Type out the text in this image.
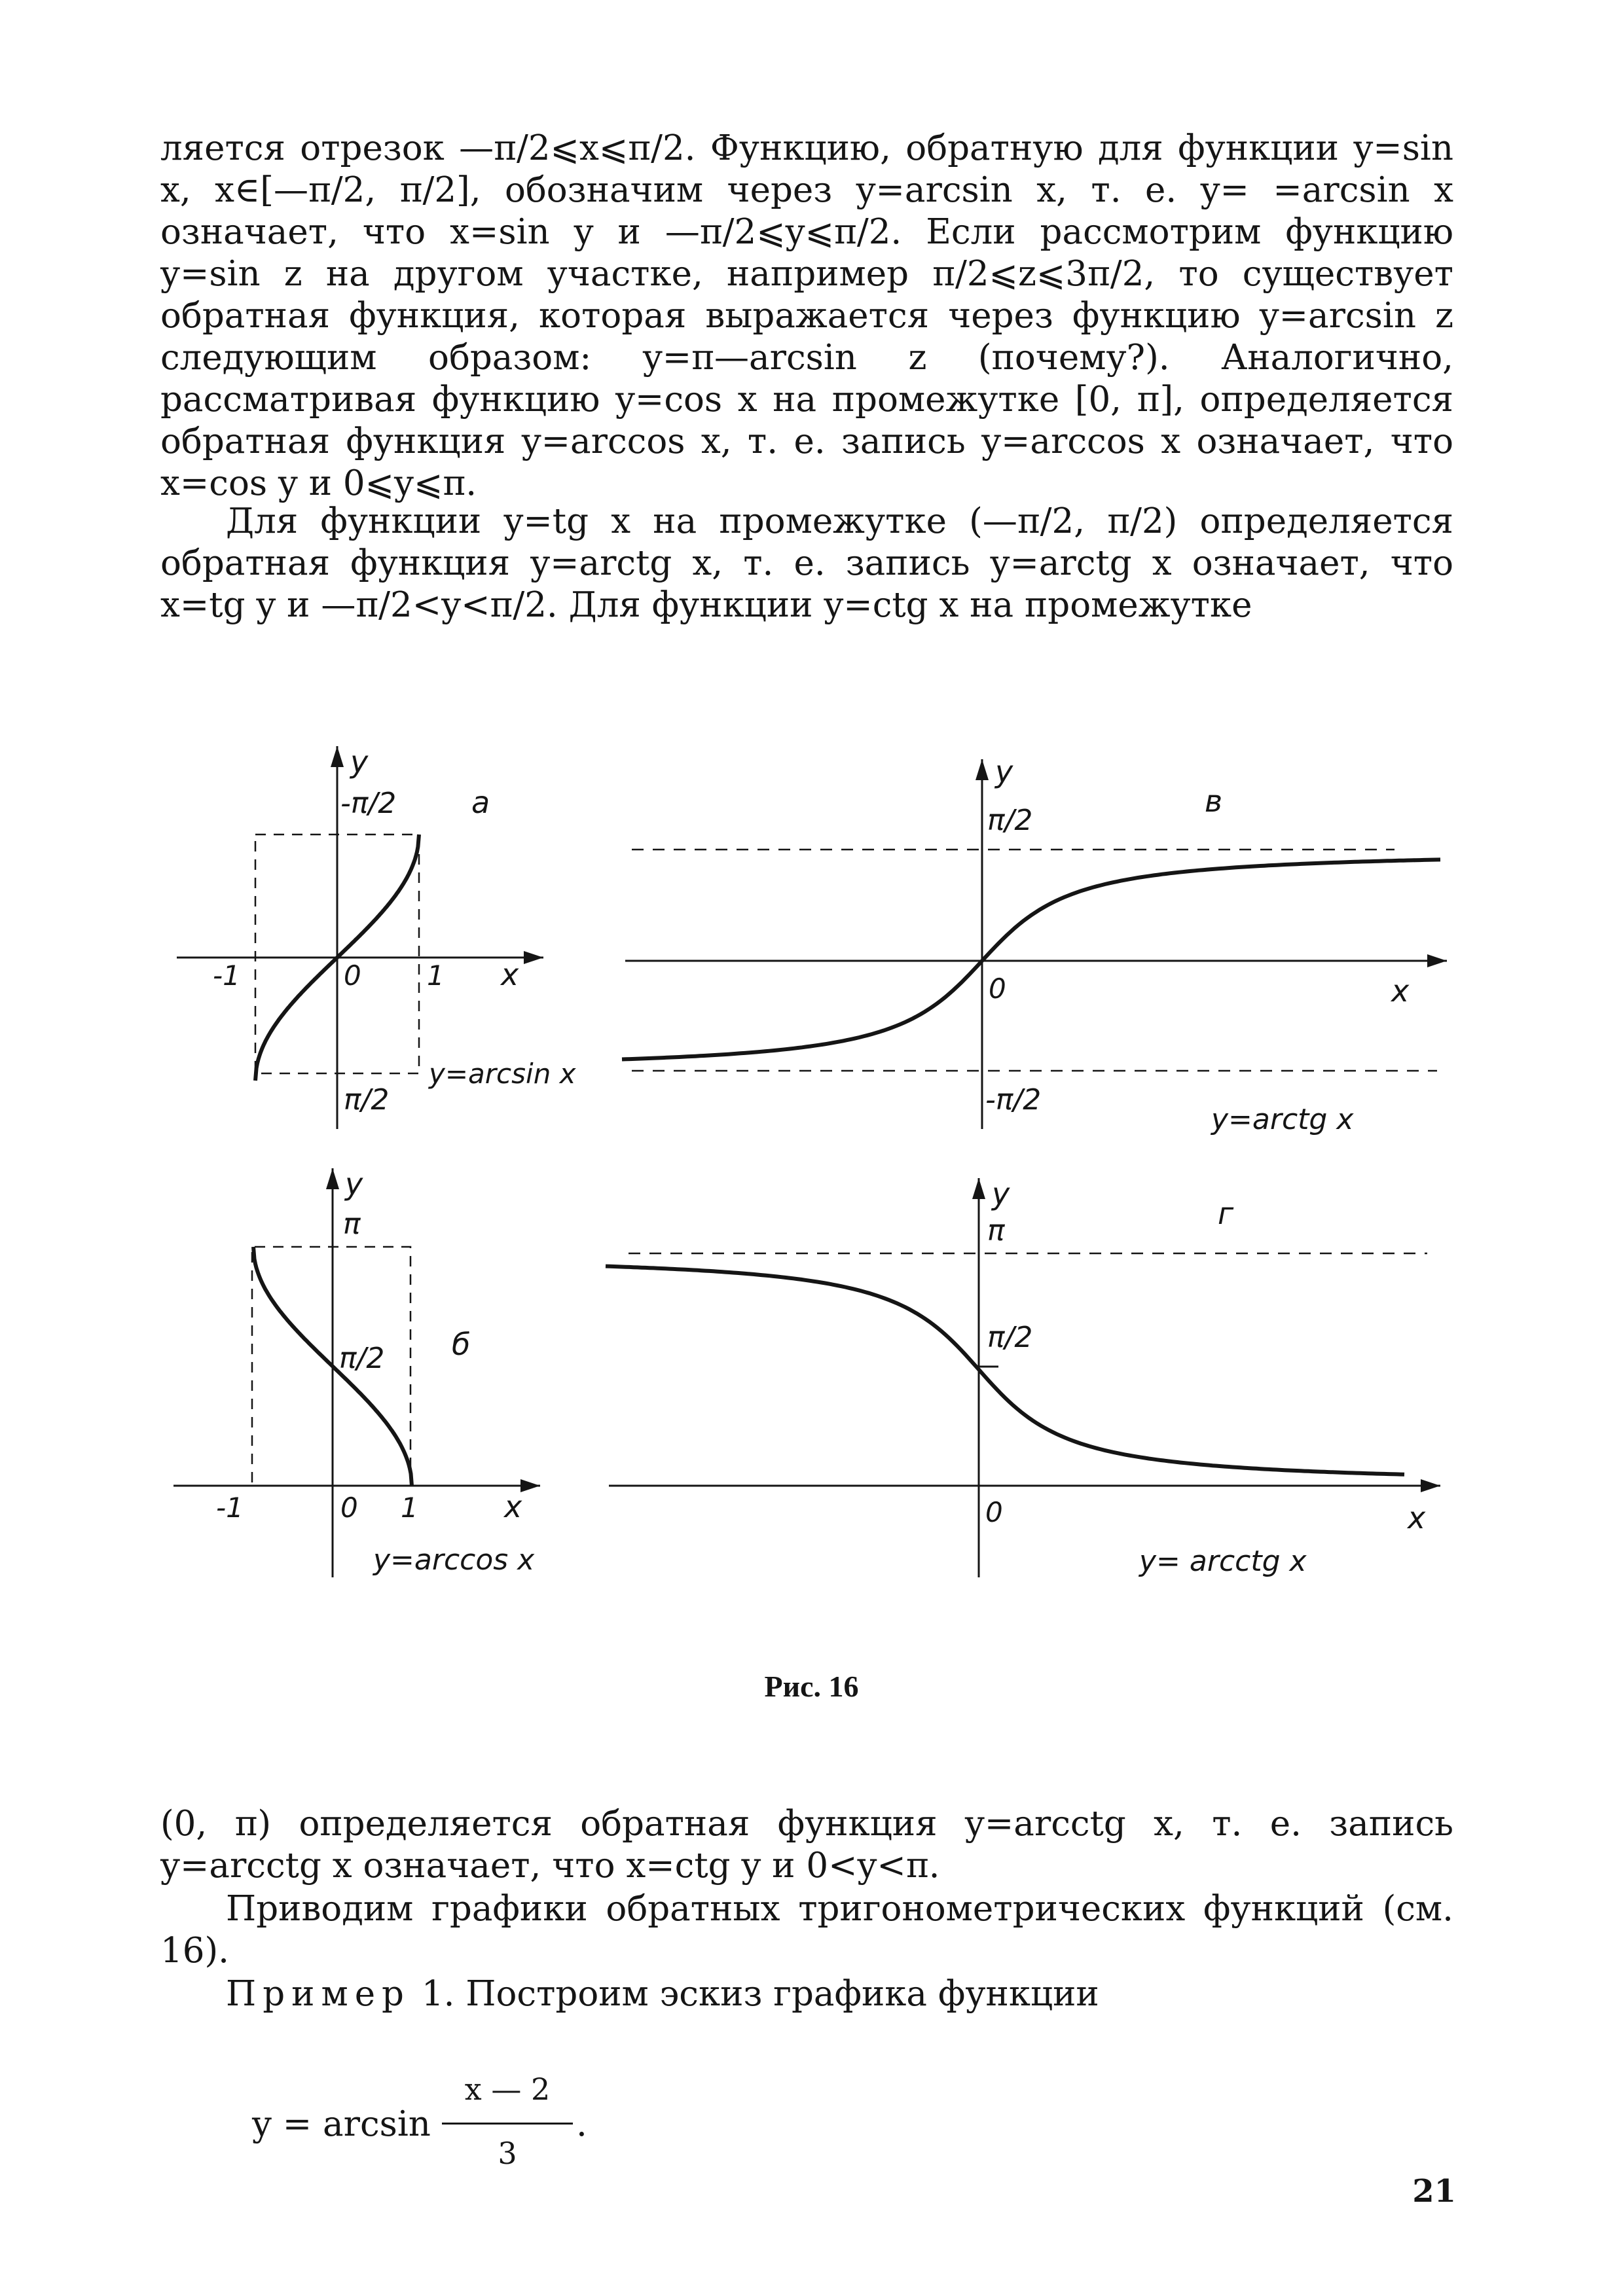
ляется отрезок —π/2⩽x⩽π/2. Функцию, обратную для функции y=sin x, x∈[—π/2, π/2], обозначим через y=arcsin x, т. е. y= =arcsin x означает, что x=sin y и —π/2⩽y⩽π/2. Если рассмотрим функцию y=sin z на другом участке, например π/2⩽z⩽3π/2, то существует обратная функция, которая выражается через функцию y=arcsin z следующим образом: y=π—arcsin z (почему?). Аналогично, рассматривая функцию y=cos x на промежутке [0, π], определяется обратная функция y=arccos x, т. е. запись y=arccos x означает, что x=cos y и 0⩽y⩽π.

Для функции y=tg x на промежутке (—π/2, π/2) определяется обратная функция y=arctg x, т. е. запись y=arctg x означает, что x=tg y и —π/2<y<π/2. Для функции y=ctg x на промежутке

y
-π/2 а
-1	0 1 x
π/2
y=arcsin x
y
π/2
в
0	x
-π/2
y=arctg x
y
π
π/2 б
-1	0 1	x
y=arccos x
y
π	г
π/2
0	x
y= arcctg x
Рис. 16

(0, π) определяется обратная функция y=arcctg x, т. е. запись y=arcctg x означает, что x=ctg y и 0<y<π.

Приводим графики обратных тригонометрических функций (см. 16).

Пример 1. Построим эскиз графика функции

y = arcsin
x — 2
3
.
21
